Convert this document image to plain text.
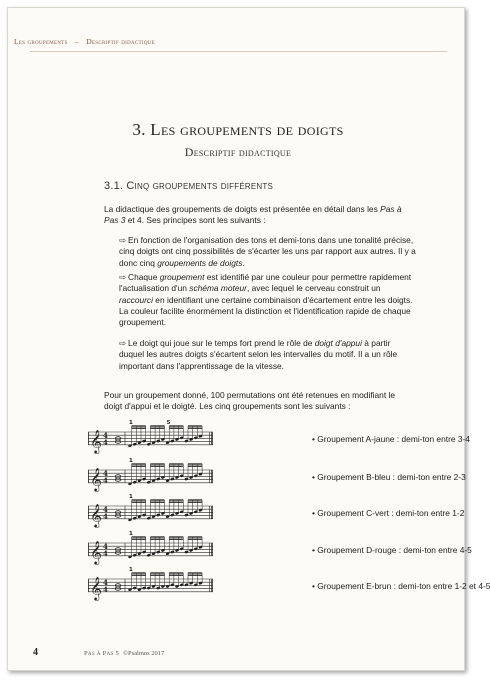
Les groupements – Descriptif didactique
3. Les groupements de doigts
Descriptif didactique
3.1. Cinq groupements différents
La didactique des groupements de doigts est présentée en détail dans les Pas à Pas 3 et 4. Ses principes sont les suivants :
⇨ En fonction de l'organisation des tons et demi-tons dans une tonalité précise, cinq doigts ont cinq possibilités de s'écarter les uns par rapport aux autres. Il y a donc cinq groupements de doigts.
⇨ Chaque groupement est identifié par une couleur pour permettre rapidement l'actualisation d'un schéma moteur, avec lequel le cerveau construit un raccourci en identifiant une certaine combinaison d'écartement entre les doigts. La couleur facilite énormément la distinction et l'identification rapide de chaque groupement.
⇨ Le doigt qui joue sur le temps fort prend le rôle de doigt d'appui à partir duquel les autres doigts s'écartent selon les intervalles du motif. Il a un rôle important dans l'apprentissage de la vitesse.
Pour un groupement donné, 100 permutations ont été retenues en modifiant le doigt d'appui et le doigté. Les cinq groupements sont les suivants :
𝄞 4
4
1	5
• Groupement A-jaune : demi-ton entre 3-4
𝄞 4
4
1
• Groupement B-bleu : demi-ton entre 2-3
𝄞 4
4
1
• Groupement C-vert : demi-ton entre 1-2
𝄞 4
4
1
• Groupement D-rouge : demi-ton entre 4-5
𝄞 4
4
1
• Groupement E-brun : demi-ton entre 1-2 et 4-5
4	Pas à Pas 5 ©Psalmos 2017
